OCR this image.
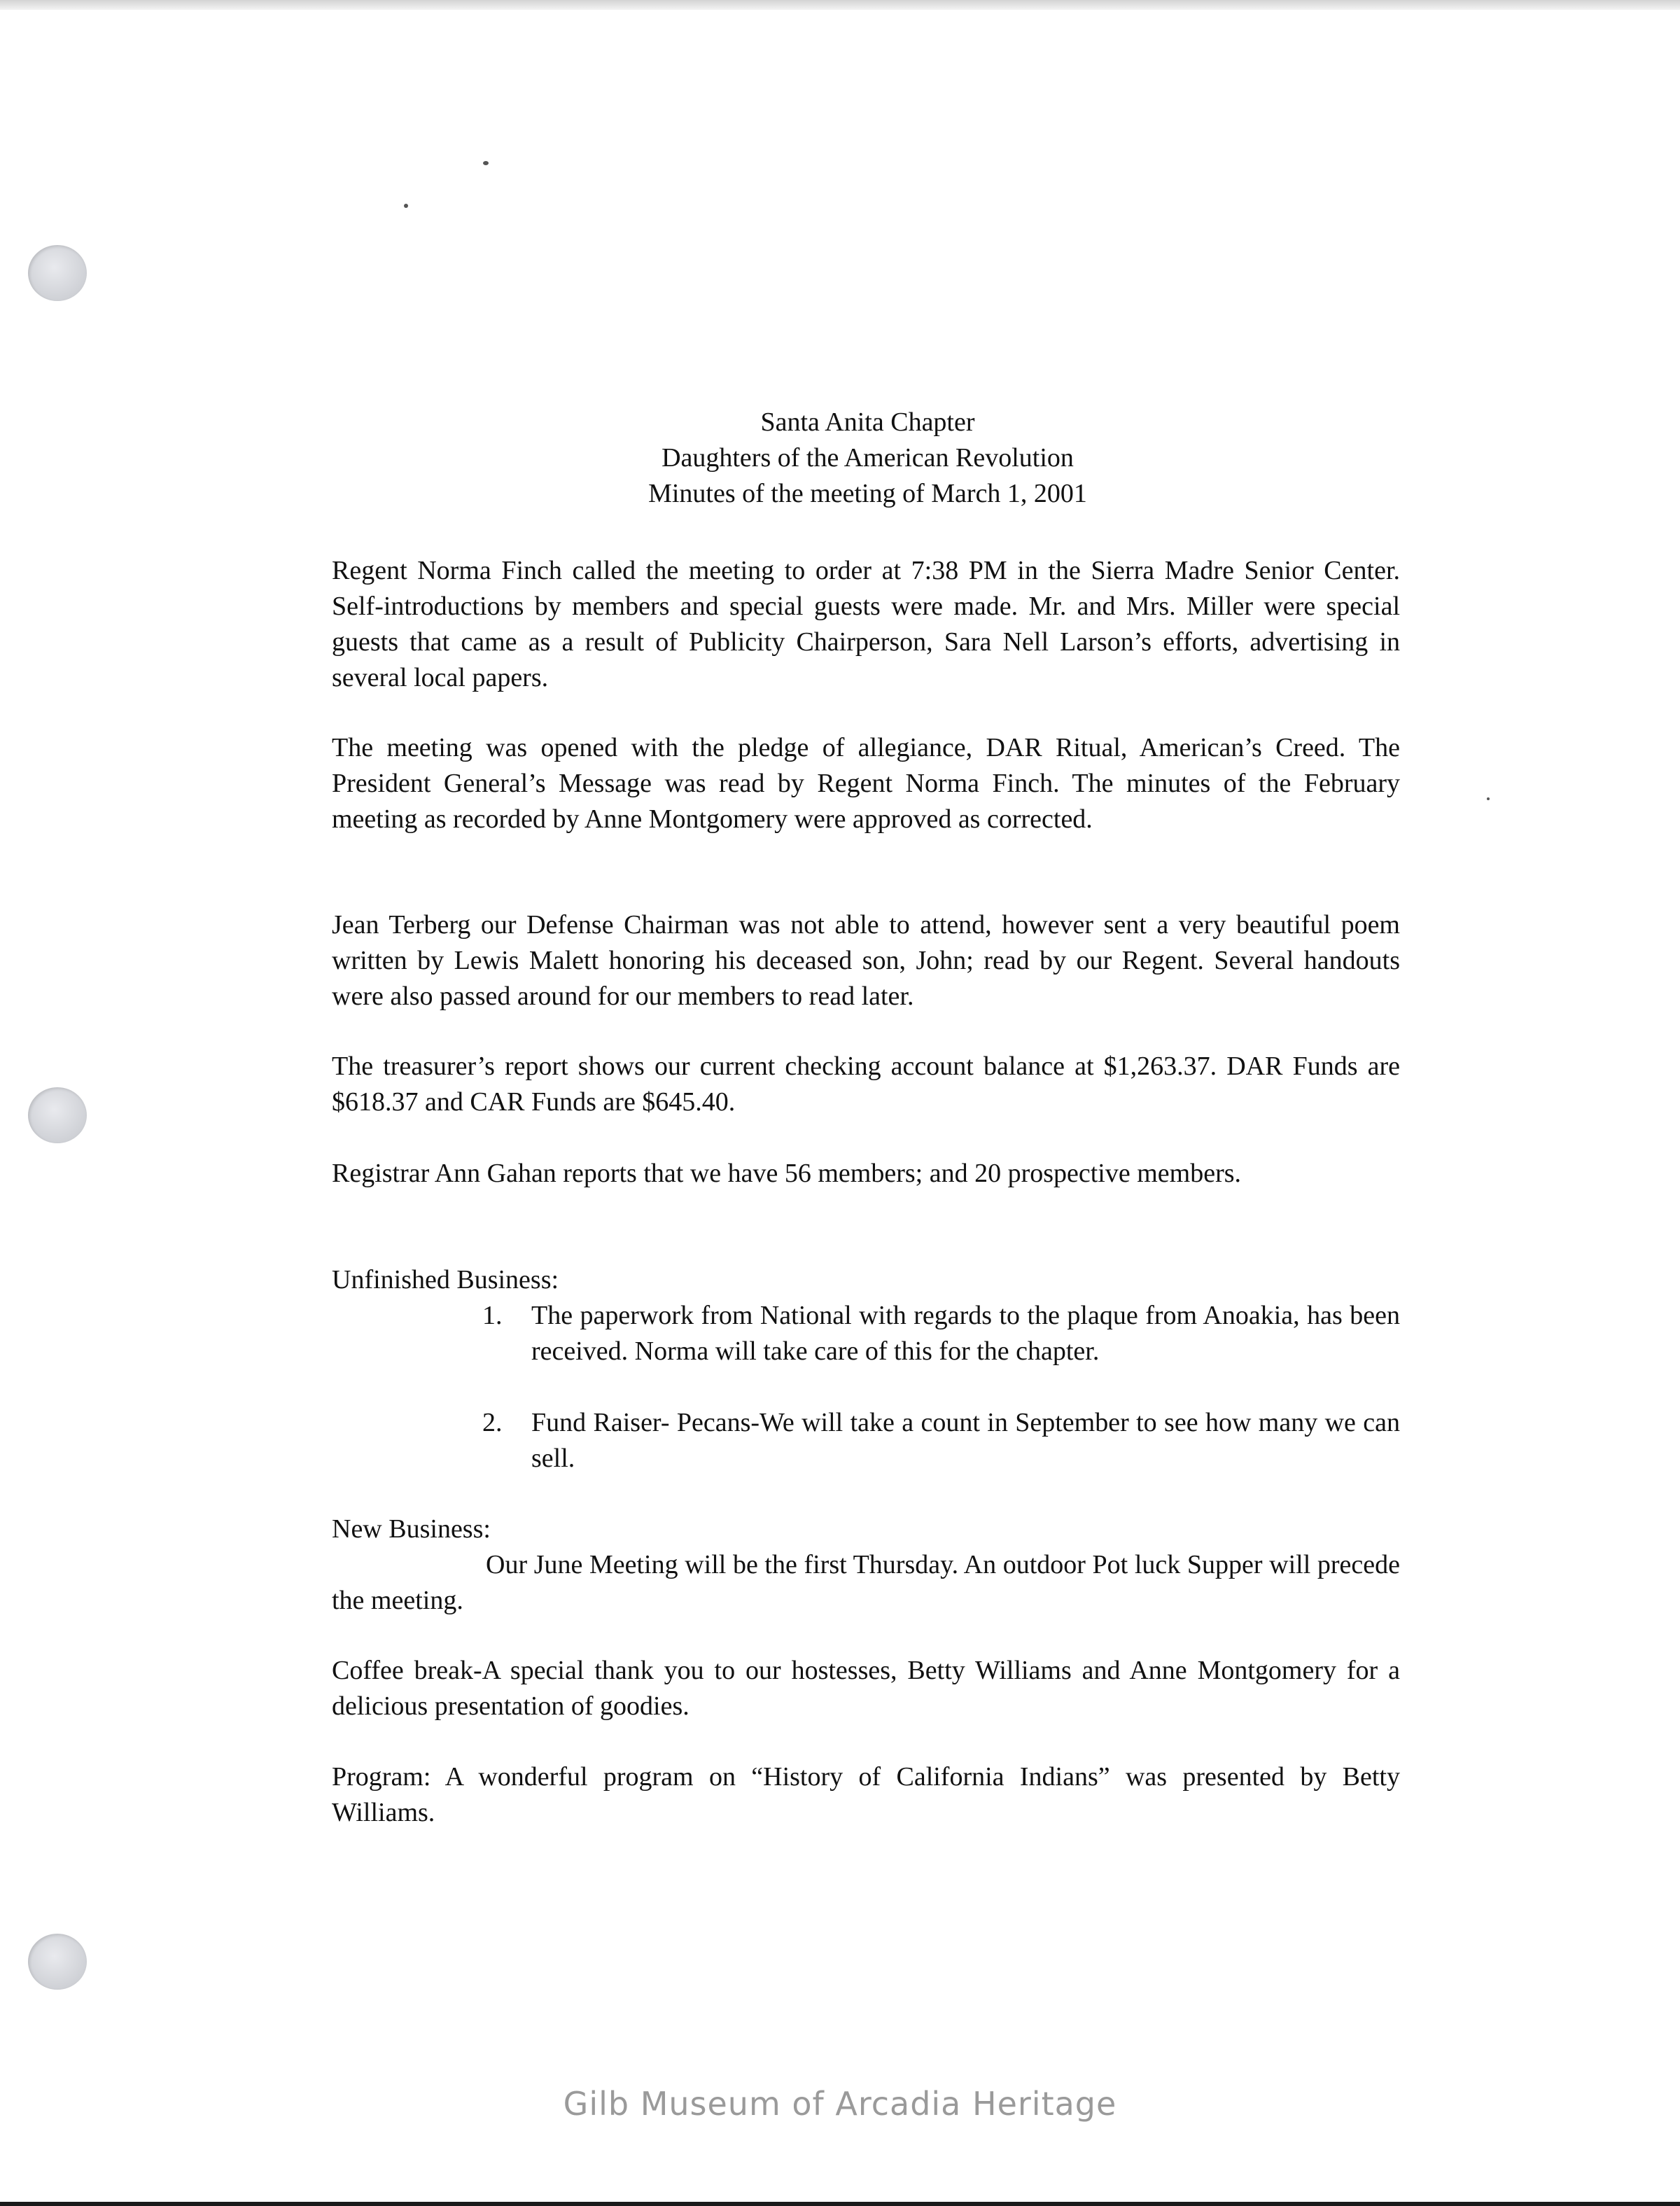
Santa Anita Chapter
Daughters of the American Revolution
Minutes of the meeting of March 1, 2001

Regent Norma Finch called the meeting to order at 7:38 PM in the Sierra Madre Senior Center. Self-introductions by members and special guests were made. Mr. and Mrs. Miller were special guests that came as a result of Publicity Chairperson, Sara Nell Larson’s efforts, advertising in several local papers.

The meeting was opened with the pledge of allegiance, DAR Ritual, American’s Creed. The President General’s Message was read by Regent Norma Finch. The minutes of the February meeting as recorded by Anne Montgomery were approved as corrected.

Jean Terberg our Defense Chairman was not able to attend, however sent a very beautiful poem written by Lewis Malett honoring his deceased son, John; read by our Regent. Several handouts were also passed around for our members to read later.

The treasurer’s report shows our current checking account balance at $1,263.37. DAR Funds are $618.37 and CAR Funds are $645.40.

Registrar Ann Gahan reports that we have 56 members; and 20 prospective members.

Unfinished Business:

1. The paperwork from National with regards to the plaque from Anoakia, has been received. Norma will take care of this for the chapter.

2. Fund Raiser- Pecans-We will take a count in September to see how many we can sell.

New Business:

Our June Meeting will be the first Thursday. An outdoor Pot luck Supper will precede the meeting.

Coffee break-A special thank you to our hostesses, Betty Williams and Anne Montgomery for a delicious presentation of goodies.

Program: A wonderful program on “History of California Indians” was presented by Betty Williams.

Gilb Museum of Arcadia Heritage
